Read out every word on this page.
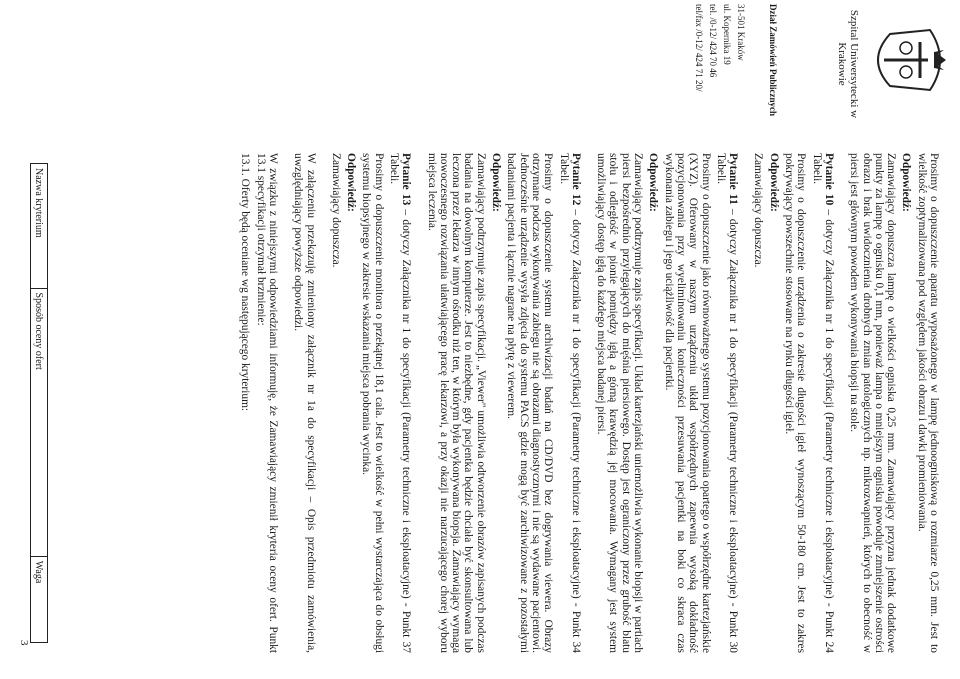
Szpital Uniwersytecki w Krakowie
Dział Zamówień Publicznych
31-501 Kraków
ul. Kopernika 19
tel. /0-12/ 424 70 46
tel/fax /0-12/ 424 71 20/

Prosimy o dopuszczenie aparatu wyposażonego w lampę jednoogniskową o rozmiarze 0,25 mm. Jest to wielkość zoptymalizowana pod względem jakości obrazu i dawki promieniowania.

Odpowiedź:

Zamawiający dopuszcza lampę o wielkości ogniska 0,25 mm. Zamawiający przyzna jednak dodatkowe punkty za lampę o ognisku 0,1 mm, ponieważ lampa o mniejszym ognisku powoduje zmniejszenie ostrości obrazu i brak uwidocznienia drobnych zmian patologicznych np. mikrozwapnień, których to obecność w piersi jest głównym powodem wykonywania biopsji na stole.

Pytanie 10 – dotyczy Załącznika nr 1 do specyfikacji (Parametry techniczne i eksploatacyjne) - Punkt 24 Tabeli.

Prosimy o dopuszczenie urządzenia o zakresie długości igieł wynoszącym 50-180 cm. Jest to zakres pokrywający powszechnie stosowane na rynku długości igieł.

Odpowiedź:

Zamawiający dopuszcza.

Pytanie 11 – dotyczy Załącznika nr 1 do specyfikacji (Parametry techniczne i eksploatacyjne) - Punkt 30 Tabeli.

Prosimy o dopuszczenie jako równoważnego systemu pozycjonowania opartego o współrzędne kartezjańskie (XYZ). Oferowany w naszym urządzeniu układ współrzędnych zapewnia wysoką dokładność pozycjonowania przy wyeliminowaniu konieczności przesuwania pacjentki na boki co skraca czas wykonania zabiegu i jego uciążliwość dla pacjentki.

Odpowiedź:

Zamawiający podtrzymuje zapis specyfikacji. Układ kartezjański uniemożliwia wykonanie biopsji w partiach piersi bezpośrednio przylegających do mięśnia piersiowego. Dostęp jest ograniczony przez grubość blatu stołu i odległość w pionie pomiędzy igłą a górną krawędzią jej mocowania. Wymagany jest system umożliwiający dostęp igłą do każdego miejsca badanej piersi.

Pytanie 12 – dotyczy Załącznika nr 1 do specyfikacji (Parametry techniczne i eksploatacyjne) - Punkt 34 Tabeli.

Prosimy o dopuszczenie systemu archiwizacji badań na CD/DVD bez dogrywania viewera. Obrazy otrzymane podczas wykonywania zabiegu nie są obrazami diagnostycznymi i nie są wydawane pacjentowi. Jednocześnie urządzenie wysyła zdjęcia do systemu PACS gdzie mogą być zarchiwizowane z pozostałymi badaniami pacjenta i łącznie nagrane na płytę z viewerem.

Odpowiedź:

Zamawiający podtrzymuje zapis specyfikacji. „Viewer" umożliwia odtworzenie obrazów zapisanych podczas badania na dowolnym komputerze. Jest to niezbędne, gdy pacjentka będzie chciała być skonsultowana lub leczona przez lekarza w innym ośrodku niż ten, w którym była wykonywana biopsja. Zamawiający wymaga nowoczesnego rozwiązania ułatwiającego pracę lekarzowi, a przy okazji nie narzucającego chorej wyboru miejsca leczenia.

Pytanie 13 – dotyczy Załącznika nr 1 do specyfikacji (Parametry techniczne i eksploatacyjne) - Punkt 37 Tabeli.

Prosimy o dopuszczenie monitora o przekątnej 18,1 cala. Jest to wielkość w pełni wystarczająca do obsługi systemu biopsyjnego w zakresie wskazania miejsca pobrania wycinka.

Odpowiedź:

Zamawiający dopuszcza.

W załączeniu przekazuję zmieniony załącznik nr 1a do specyfikacji – Opis przedmiotu zamówienia, uwzględniający powyższe odpowiedzi.

W związku z niniejszymi odpowiedziami informuję, że Zamawiający zmienił kryteria oceny ofert. Punkt 13.1 specyfikacji otrzymał brzmienie:

13.1. Oferty będą oceniane wg następującego kryterium:

Nazwa kryterium	Sposób oceny ofert	Waga
3
